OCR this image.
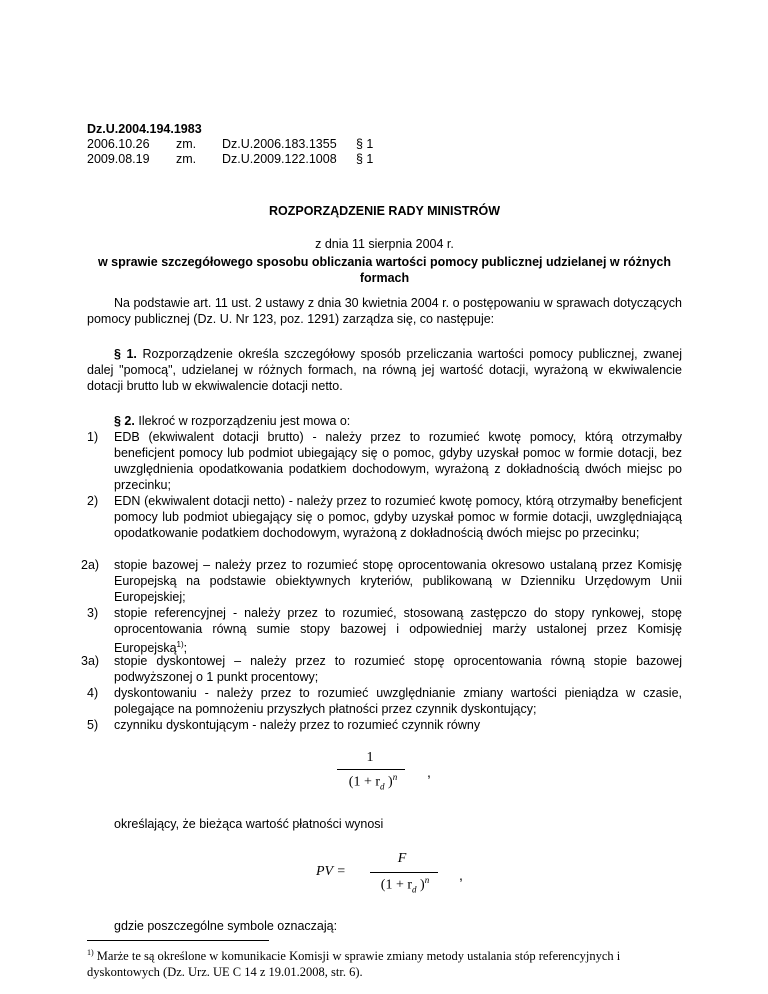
Dz.U.2004.194.1983
2006.10.26 zm. Dz.U.2006.183.1355 § 1
2009.08.19 zm. Dz.U.2009.122.1008 § 1
ROZPORZĄDZENIE RADY MINISTRÓW
z dnia 11 sierpnia 2004 r.
w sprawie szczegółowego sposobu obliczania wartości pomocy publicznej udzielanej w różnych
formach
Na podstawie art. 11 ust. 2 ustawy z dnia 30 kwietnia 2004 r. o postępowaniu w sprawach dotyczących pomocy publicznej (Dz. U. Nr 123, poz. 1291) zarządza się, co następuje:
§ 1. Rozporządzenie określa szczegółowy sposób przeliczania wartości pomocy publicznej, zwanej dalej "pomocą", udzielanej w różnych formach, na równą jej wartość dotacji, wyrażoną w ekwiwalencie dotacji brutto lub w ekwiwalencie dotacji netto.
§ 2. Ilekroć w rozporządzeniu jest mowa o:
1) EDB (ekwiwalent dotacji brutto) - należy przez to rozumieć kwotę pomocy, którą otrzymałby beneficjent pomocy lub podmiot ubiegający się o pomoc, gdyby uzyskał pomoc w formie dotacji, bez uwzględnienia opodatkowania podatkiem dochodowym, wyrażoną z dokładnością dwóch miejsc po przecinku;
2) EDN (ekwiwalent dotacji netto) - należy przez to rozumieć kwotę pomocy, którą otrzymałby beneficjent pomocy lub podmiot ubiegający się o pomoc, gdyby uzyskał pomoc w formie dotacji, uwzględniającą opodatkowanie podatkiem dochodowym, wyrażoną z dokładnością dwóch miejsc po przecinku;
2a) stopie bazowej – należy przez to rozumieć stopę oprocentowania okresowo ustalaną przez Komisję Europejską na podstawie obiektywnych kryteriów, publikowaną w Dzienniku Urzędowym Unii Europejskiej;
3) stopie referencyjnej - należy przez to rozumieć, stosowaną zastępczo do stopy rynkowej, stopę oprocentowania równą sumie stopy bazowej i odpowiedniej marży ustalonej przez Komisję Europejską$^{1)}$;
3a) stopie dyskontowej – należy przez to rozumieć stopę oprocentowania równą stopie bazowej podwyższonej o 1 punkt procentowy;
4) dyskontowaniu - należy przez to rozumieć uwzględnianie zmiany wartości pieniądza w czasie, polegające na pomnożeniu przyszłych płatności przez czynnik dyskontujący;
5) czynniku dyskontującym - należy przez to rozumieć czynnik równy
1
($1 + r_d$ )$^n$	,
określający, że bieżąca wartość płatności wynosi
PV =
F
($1 + r_d$ )$^n$	,
gdzie poszczególne symbole oznaczają:
$^{1)}$ Marże te są określone w komunikacie Komisji w sprawie zmiany metody ustalania stóp referencyjnych i dyskontowych (Dz. Urz. UE C 14 z 19.01.2008, str. 6).
